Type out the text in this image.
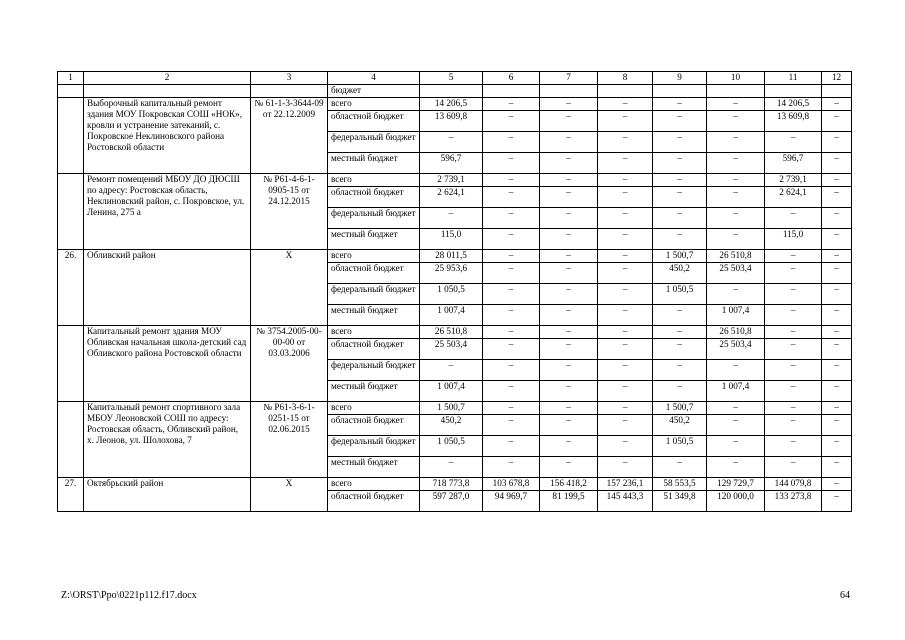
1	2	3	4	5	6	7	8	9	10	11	12
			бюджет								
	Выборочный капитальный ремонт здания МОУ Покровская СОШ «НОК», кровли и устранение затеканий, с. Покровское Неклиновского района Ростовской области	№ 61-1-3-3644-09 от 22.12.2009	всего	14 206,5	–	–	–	–	–	14 206,5	–
			областной бюджет	13 609,8	–	–	–	–	–	13 609,8	–
			федеральный бюджет	–	–	–	–	–	–	–	–
			местный бюджет	596,7	–	–	–	–	–	596,7	–
	Ремонт помещений МБОУ ДО ДЮСШ по адресу: Ростовская область, Неклиновский район, с. Покровское, ул. Ленина, 275 а	№ Р61-4-6-1-0905-15 от 24.12.2015	всего	2 739,1	–	–	–	–	–	2 739,1	–
			областной бюджет	2 624,1	–	–	–	–	–	2 624,1	–
			федеральный бюджет	–	–	–	–	–	–	–	–
			местный бюджет	115,0	–	–	–	–	–	115,0	–
26.	Обливский район	Х	всего	28 011,5	–	–	–	1 500,7	26 510,8	–	–
			областной бюджет	25 953,6	–	–	–	450,2	25 503,4	–	–
			федеральный бюджет	1 050,5	–	–	–	1 050,5	–	–	–
			местный бюджет	1 007,4	–	–	–	–	1 007,4	–	–
	Капитальный ремонт здания МОУ Обливская начальная школа-детский сад Обливского района Ростовской области	№ 3754.2005-00-00-00 от 03.03.2006	всего	26 510,8	–	–	–	–	26 510,8	–	–
			областной бюджет	25 503,4	–	–	–	–	25 503,4	–	–
			федеральный бюджет	–	–	–	–	–	–	–	–
			местный бюджет	1 007,4	–	–	–	–	1 007,4	–	–
	Капитальный ремонт спортивного зала МБОУ Леоновской СОШ по адресу: Ростовская область, Обливский район, х. Леонов, ул. Шолохова, 7	№ Р61-3-6-1-0251-15 от 02.06.2015	всего	1 500,7	–	–	–	1 500,7	–	–	–
			областной бюджет	450,2	–	–	–	450,2	–	–	–
			федеральный бюджет	1 050,5	–	–	–	1 050,5	–	–	–
			местный бюджет	–	–	–	–	–	–	–	–
27.	Октябрьский район	Х	всего	718 773,8	103 678,8	156 418,2	157 236,1	58 553,5	129 729,7	144 079,8	–
			областной бюджет	597 287,0	94 969,7	81 199,5	145 443,3	51 349,8	120 000,0	133 273,8	–
Z:\ORST\Ppo\0221p112.f17.docx	64
